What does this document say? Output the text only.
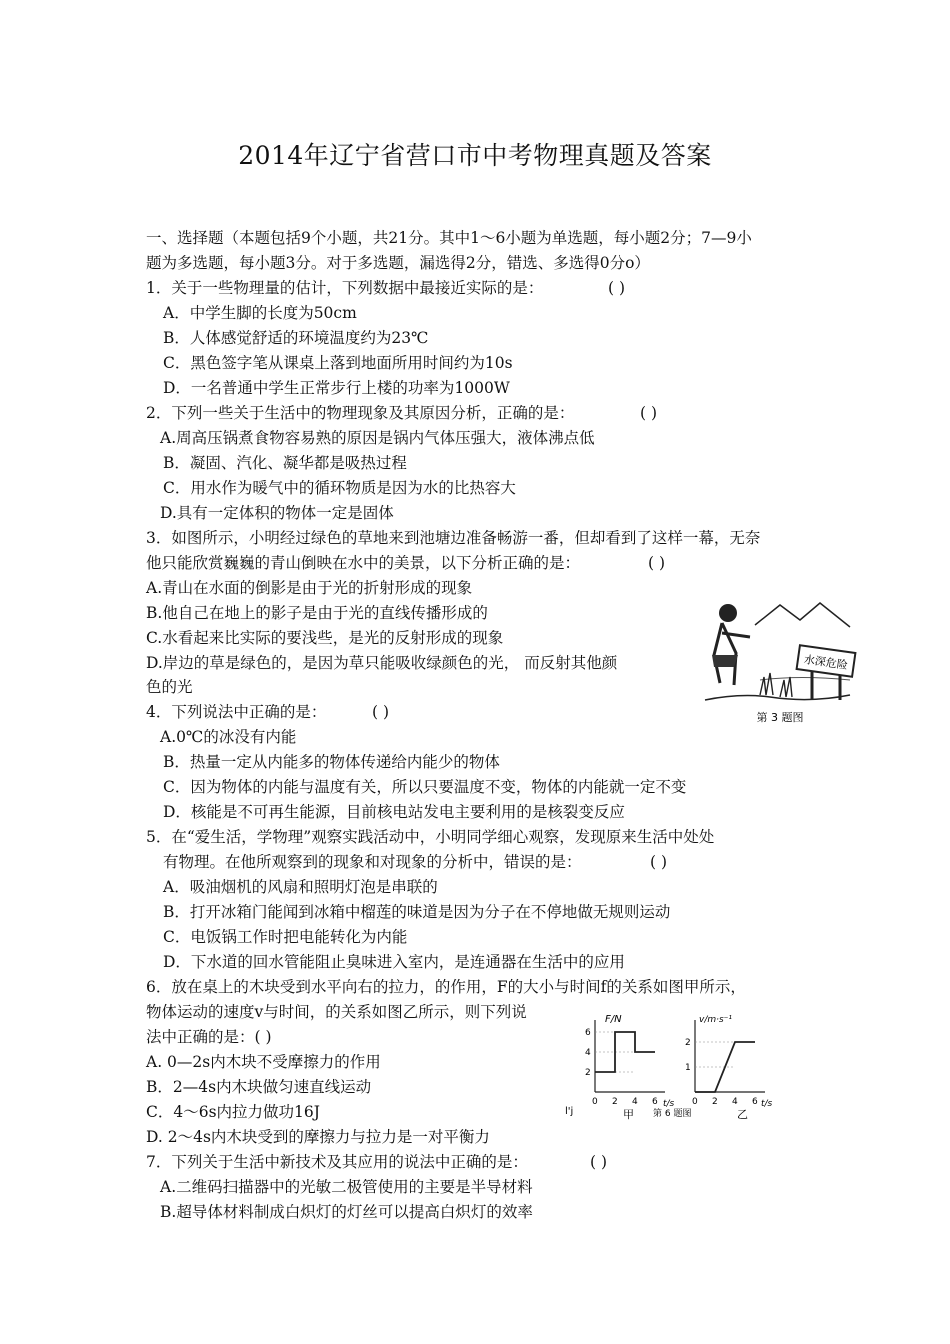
2014年辽宁省营口市中考物理真题及答案
一、选择题（本题包括9个小题，共21分。其中1～6小题为单选题，每小题2分；7—9小
题为多选题，每小题3分。对于多选题，漏选得2分，错选、多选得0分o）
1．关于一些物理量的估计，下列数据中最接近实际的是：	( )
A．中学生脚的长度为50cm
B．人体感觉舒适的环境温度约为23℃
C．黑色签字笔从课桌上落到地面所用时间约为10s
D．一名普通中学生正常步行上楼的功率为1000W
2．下列一些关于生活中的物理现象及其原因分析，正确的是：	( )
A.周高压锅煮食物容易熟的原因是锅内气体压强大，液体沸点低
B．凝固、汽化、凝华都是吸热过程
C．用水作为暖气中的循环物质是因为水的比热容大
D.具有一定体积的物体一定是固体
3．如图所示，小明经过绿色的草地来到池塘边准备畅游一番，但却看到了这样一幕，无奈
他只能欣赏巍巍的青山倒映在水中的美景，以下分析正确的是：	( )
A.青山在水面的倒影是由于光的折射形成的现象
B.他自己在地上的影子是由于光的直线传播形成的
C.水看起来比实际的要浅些，是光的反射形成的现象
D.岸边的草是绿色的，是因为草只能吸收绿颜色的光， 而反射其他颜
色的光
水深危险
第 3 题图
4．下列说法中正确的是：	( )
A.0℃的冰没有内能
B．热量一定从内能多的物体传递给内能少的物体
C．因为物体的内能与温度有关，所以只要温度不变，物体的内能就一定不变
D．核能是不可再生能源，目前核电站发电主要利用的是核裂变反应
5．在“爱生活，学物理”观察实践活动中，小明同学细心观察，发现原来生活中处处
有物理。在他所观察到的现象和对现象的分析中，错误的是：	( )
A．吸油烟机的风扇和照明灯泡是串联的
B．打开冰箱门能闻到冰箱中榴莲的味道是因为分子在不停地做无规则运动
C．电饭锅工作时把电能转化为内能
D．下水道的回水管能阻止臭味进入室内，是连通器在生活中的应用
6．放在桌上的木块受到水平向右的拉力，的作用，F的大小与时间f的关系如图甲所示，
物体运动的速度v与时间，的关系如图乙所示，则下列说
法中正确的是：( )
A. 0—2s内木块不受摩擦力的作用
B．2—4s内木块做匀速直线运动
C．4～6s内拉力做功16J
D. 2～4s内木块受到的摩擦力与拉力是一对平衡力
F/N
t/s
甲
0 2 4 6
6
4
2
v/m·s⁻¹
t/s
乙
0 2 4 6
2
1
第 6 题图
l'j
7．下列关于生活中新技术及其应用的说法中正确的是：	( )
A.二维码扫描器中的光敏二极管使用的主要是半导材料
B.超导体材料制成白炽灯的灯丝可以提高白炽灯的效率
